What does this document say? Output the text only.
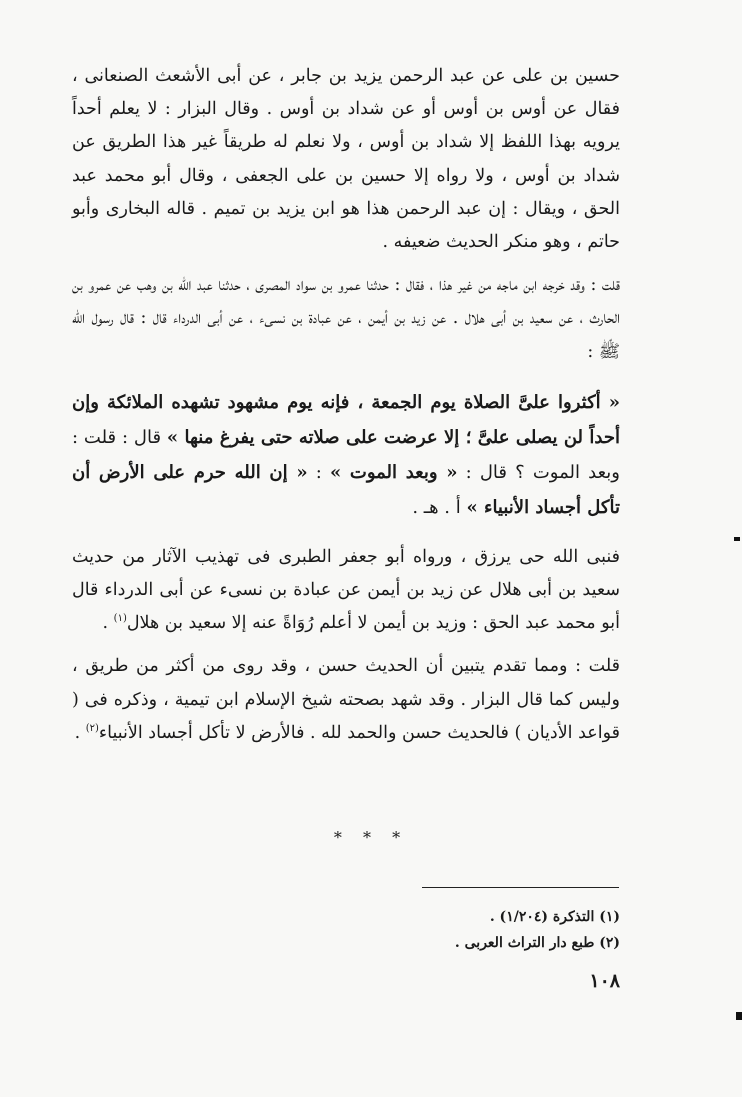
حسين بن على عن عبد الرحمن يزيد بن جابر ، عن أبى الأشعث الصنعانى ، فقال عن أوس بن أوس أو عن شداد بن أوس . وقال البزار : لا يعلم أحداً يرويه بهذا اللفظ إلا شداد بن أوس ، ولا نعلم له طريقاً غير هذا الطريق عن شداد بن أوس ، ولا رواه إلا حسين بن على الجعفى ، وقال أبو محمد عبد الحق ، ويقال : إن عبد الرحمن هذا هو ابن يزيد بن تميم . قاله البخارى وأبو حاتم ، وهو منكر الحديث ضعيفه .

قلت : وقد خرجه ابن ماجه من غير هذا ، فقال : حدثنا عمرو بن سواد المصرى ، حدثنا عبد الله بن وهب عن عمرو بن الحارث ، عن سعيد بن أبى هلال . عن زيد بن أيمن ، عن عبادة بن نسىء ، عن أبى الدرداء قال : قال رسول الله ﷺ :

« أكثروا علىَّ الصلاة يوم الجمعة ، فإنه يوم مشهود تشهده الملائكة وإن أحداً لن يصلى علىَّ ؛ إلا عرضت على صلاته حتى يفرغ منها » قال : قلت : وبعد الموت ؟ قال : « وبعد الموت » : « إن الله حرم على الأرض أن تأكل أجساد الأنبياء » أ . هـ .

فنبى الله حى يرزق ، ورواه أبو جعفر الطبرى فى تهذيب الآثار من حديث سعيد بن أبى هلال عن زيد بن أيمن عن عبادة بن نسىء عن أبى الدرداء قال أبو محمد عبد الحق : وزيد بن أيمن لا أعلم رُوَاةً عنه إلا سعيد بن هلال$^{(١)}$ .

قلت : ومما تقدم يتبين أن الحديث حسن ، وقد روى من أكثر من طريق ، وليس كما قال البزار . وقد شهد بصحته شيخ الإسلام ابن تيمية ، وذكره فى ( قواعد الأديان ) فالحديث حسن والحمد لله . فالأرض لا تأكل أجساد الأنبياء$^{(٢)}$ .

* * *

(١) التذكرة (١/٢٠٤) .

(٢) طبع دار التراث العربى .

١٠٨
